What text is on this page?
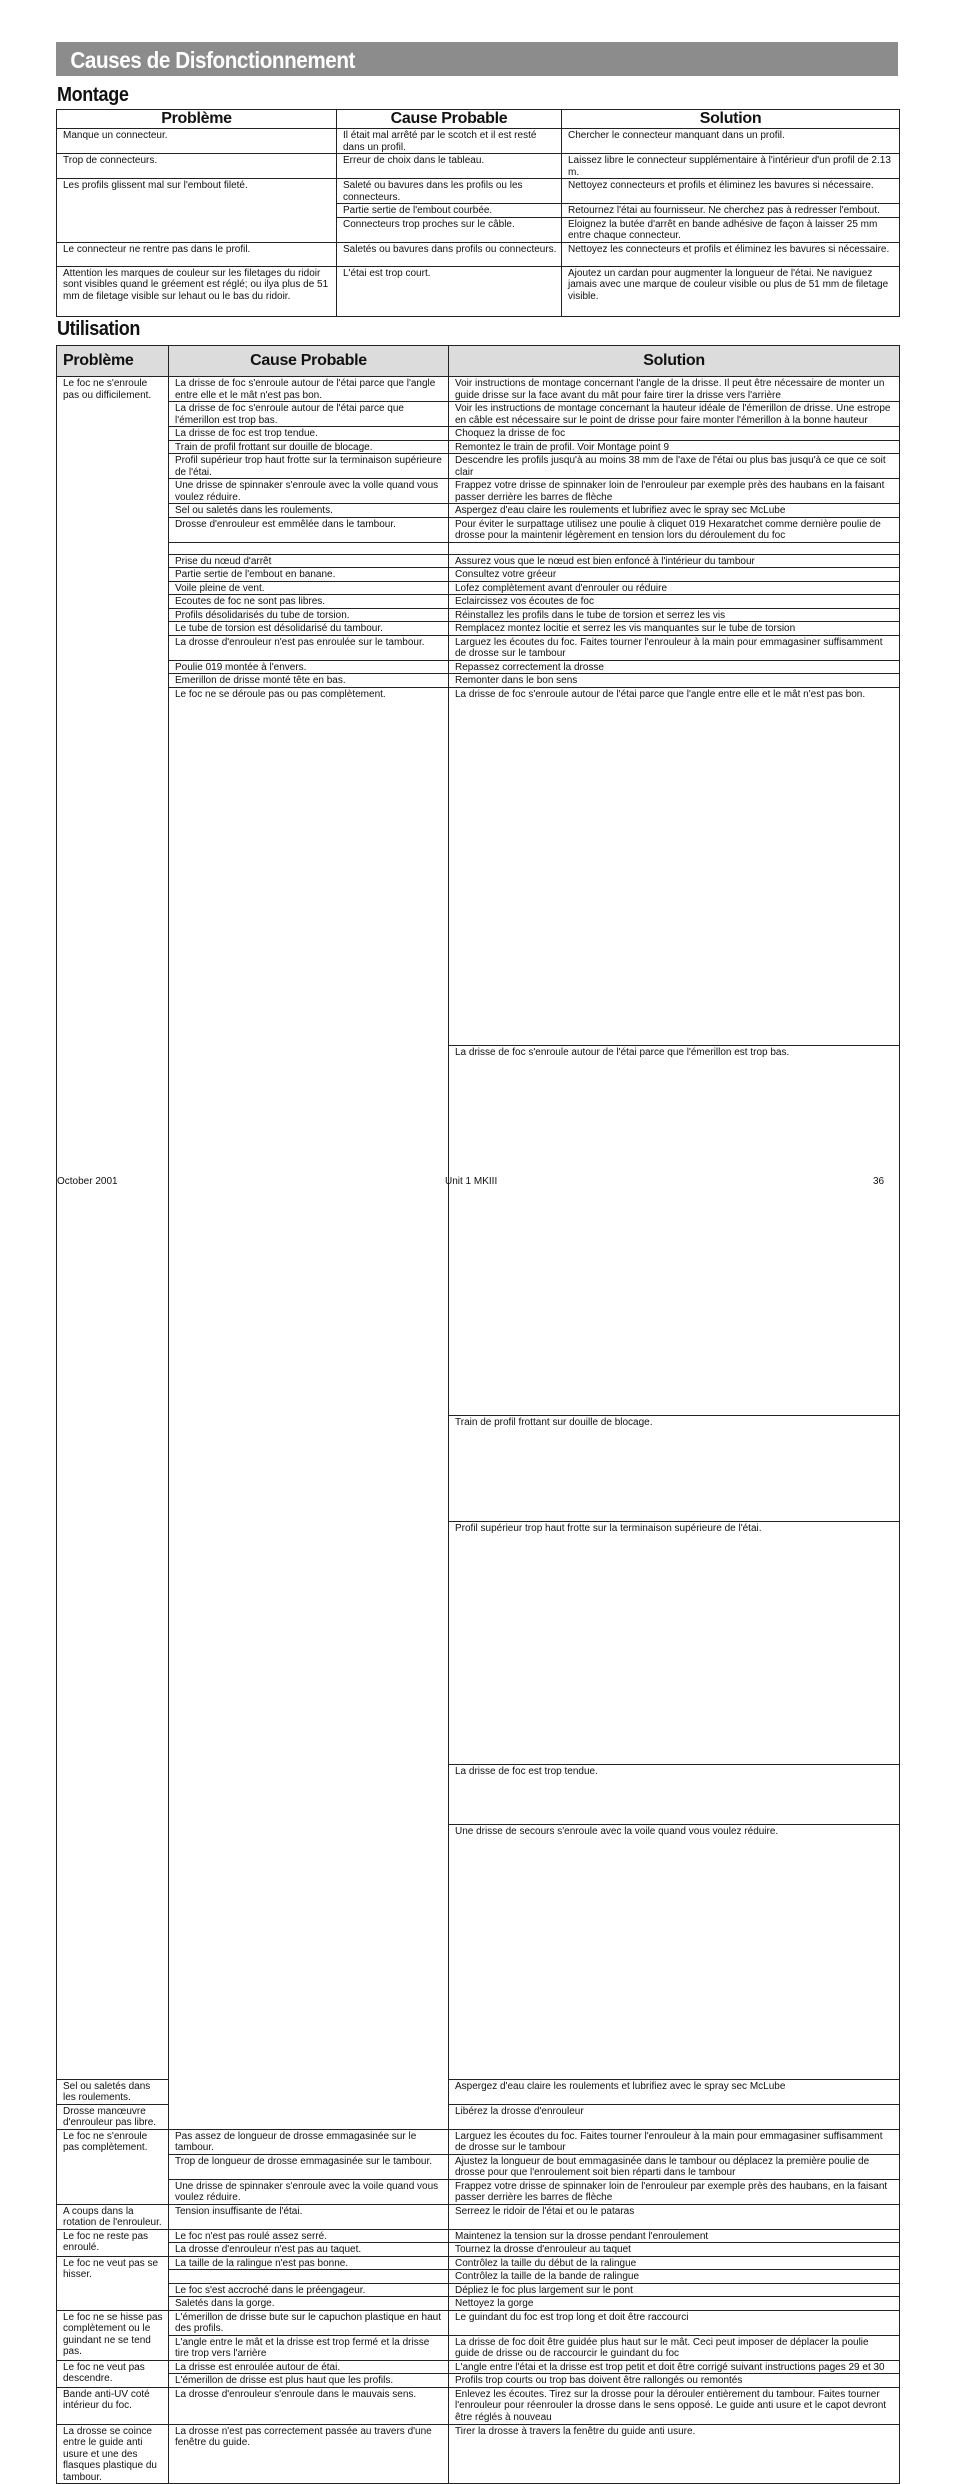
Causes de Disfonctionnement
Montage
Problème	Cause Probable	Solution
Manque un connecteur.	Il était mal arrêté par le scotch et il est resté dans un profil.	Chercher le connecteur manquant dans un profil.
Trop de connecteurs.	Erreur de choix dans le tableau.	Laissez libre le connecteur supplémentaire à l'intérieur d'un profil de 2.13 m.
Les profils glissent mal sur l'embout fileté.	Saleté ou bavures dans les profils ou les connecteurs.	Nettoyez connecteurs et profils et éliminez les bavures si nécessaire.
	Partie sertie de l'embout courbée.	Retournez l'étai au fournisseur. Ne cherchez pas à redresser l'embout.
	Connecteurs trop proches sur le câble.	Eloignez la butée d'arrêt en bande adhésive de façon à laisser 25 mm entre chaque connecteur.
Le connecteur ne rentre pas dans le profil.	Saletés ou bavures dans profils ou connecteurs.	Nettoyez les connecteurs et profils et éliminez les bavures si nécessaire.
Attention les marques de couleur sur les filetages du ridoir sont visibles quand le gréement est réglé; ou ilya plus de 51 mm de filetage visible sur lehaut ou le bas du ridoir.	L'étai est trop court.	Ajoutez un cardan pour augmenter la longueur de l'étai. Ne naviguez jamais avec une marque de couleur visible ou plus de 51 mm de filetage visible.
Utilisation
Problème	Cause Probable	Solution	
Le foc ne s'enroule pas ou difficilement.	La drisse de foc s'enroule autour de l'étai parce que l'angle entre elle et le mât n'est pas bon.	Voir instructions de montage concernant l'angle de la drisse. Il peut être nécessaire de monter un guide drisse sur la face avant du mât pour faire tirer la drisse vers l'arrière	
	La drisse de foc s'enroule autour de l'étai parce que l'émerillon est trop bas.	Voir les instructions de montage concernant la hauteur idéale de l'émerillon de drisse. Une estrope en câble est nécessaire sur le point de drisse pour faire monter l'émerillon à la bonne hauteur	
	La drisse de foc est trop tendue.	Choquez la drisse de foc	
	Train de profil frottant sur douille de blocage.	Remontez le train de profil. Voir Montage point 9	
	Profil supérieur trop haut frotte sur la terminaison supérieure de l'étai.	Descendre les profils jusqu'à au moins 38 mm de l'axe de l'étai ou plus bas jusqu'à ce que ce soit clair	
	Une drisse de spinnaker s'enroule avec la volle quand vous voulez réduire.	Frappez votre drisse de spinnaker loin de l'enrouleur par exemple près des haubans en la faisant passer derrière les barres de flèche	
	Sel ou saletés dans les roulements.	Aspergez d'eau claire les roulements et lubrifiez avec le spray sec McLube	
	Drosse d'enrouleur est emmêlée dans le tambour.	Pour éviter le surpattage utilisez une poulie à cliquet 019 Hexaratchet comme dernière poulie de drosse pour la maintenir légèrement en tension lors du déroulement du foc	

	Prise du nœud d'arrêt	Assurez vous que le nœud est bien enfoncé à l'intérieur du tambour	
	Partie sertie de l'embout en banane.	Consultez votre gréeur	
	Voile pleine de vent.	Lofez complètement avant d'enrouler ou réduire	
	Ecoutes de foc ne sont pas libres.	Eclaircissez vos écoutes de foc	
	Profils désolidarisés du tube de torsion.	Réinstallez les profils dans le tube de torsion et serrez les vis	
	Le tube de torsion est désolidarisé du tambour.	Remplacez montez locitie et serrez les vis manquantes sur le tube de torsion	
	La drosse d'enrouleur n'est pas enroulée sur le tambour.	Larguez les écoutes du foc. Faites tourner l'enrouleur à la main pour emmagasiner suffisamment de drosse sur le tambour	
	Poulie 019 montée à l'envers.	Repassez correctement la drosse	
	Emerillon de drisse monté tête en bas.	Remonter dans le bon sens	
	Le foc ne se déroule pas ou pas complètement.	La drisse de foc s'enroule autour de l'étai parce que l'angle entre elle et le mât n'est pas bon.	
		La drisse de foc s'enroule autour de l'étai parce que l'émerillon est trop bas.	
		Train de profil frottant sur douille de blocage.	
		Profil supérieur trop haut frotte sur la terminaison supérieure de l'étai.	
		La drisse de foc est trop tendue.	
		Une drisse de secours s'enroule avec la voile quand vous voulez réduire.	
Sel ou saletés dans les roulements.		Aspergez d'eau claire les roulements et lubrifiez avec le spray sec McLube	
Drosse manœuvre d'enrouleur pas libre.		Libérez la drosse d'enrouleur	
Le foc ne s'enroule pas complètement.	Pas assez de longueur de drosse emmagasinée sur le tambour.	Larguez les écoutes du foc. Faites tourner l'enrouleur à la main pour emmagasiner suffisamment de drosse sur le tambour	
	Trop de longueur de drosse emmagasinée sur le tambour.	Ajustez la longueur de bout emmagasinée dans le tambour ou déplacez la première poulie de drosse pour que l'enroulement soit bien réparti dans le tambour	
	Une drisse de spinnaker s'enroule avec la voile quand vous voulez réduire.	Frappez votre drisse de spinnaker loin de l'enrouleur par exemple près des haubans, en la faisant passer derrière les barres de flèche	
A coups dans la rotation de l'enrouleur.	Tension insuffisante de l'étai.	Serreez le ridoir de l'étai et ou le pataras	
Le foc ne reste pas enroulé.	Le foc n'est pas roulé assez serré.	Maintenez la tension sur la drosse pendant l'enroulement	
	La drosse d'enrouleur n'est pas au taquet.	Tournez la drosse d'enrouleur au taquet	
Le foc ne veut pas se hisser.	La taille de la ralingue n'est pas bonne.	Contrôlez la taille du début de la ralingue	
		Contrôlez la taille de la bande de ralingue	
	Le foc s'est accroché dans le préengageur.	Dépliez le foc plus largement sur le pont	
	Saletés dans la gorge.	Nettoyez la gorge	
Le foc ne se hisse pas complètement ou le guindant ne se tend pas.	L'émerillon de drisse bute sur le capuchon plastique en haut des profils.	Le guindant du foc est trop long et doit être raccourci	
	L'angle entre le mât et la drisse est trop fermé et la drisse tire trop vers l'arrière	La drisse de foc doit être guidée plus haut sur le mât. Ceci peut imposer de déplacer la poulie guide de drisse ou de raccourcir le guindant du foc	
Le foc ne veut pas descendre.	La drisse est enroulée autour de étai.	L'angle entre l'étai et la drisse est trop petit et doit être corrigé suivant instructions pages 29 et 30	
	L'émerillon de drisse est plus haut que les profils.	Profils trop courts ou trop bas doivent être rallongés ou remontés	
Bande anti-UV coté intérieur du foc.	La drosse d'enrouleur s'enroule dans le mauvais sens.	Enlevez les écoutes. Tirez sur la drosse pour la dérouler entièrement du tambour. Faites tourner l'enrouleur pour réenrouler la drosse dans le sens opposé. Le guide anti usure et le capot devront être réglés à nouveau	
La drosse se coince entre le guide anti usure et une des flasques plastique du tambour.	La drosse n'est pas correctement passée au travers d'une fenêtre du guide.	Tirer la drosse à travers la fenêtre du guide anti usure.	
October 2001	Unit 1 MKIII	36
